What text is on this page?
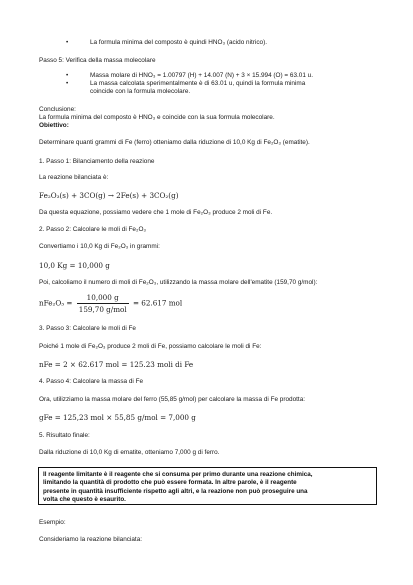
•	La formula minima del composto è quindi HNO₃ (acido nitrico).
Passo 5: Verifica della massa molecolare
•	Massa molare di HNO₃ = 1.00797 (H) + 14.007 (N) + 3 × 15.994 (O) = 63.01 u.
•	La massa calcolata sperimentalmente è di 63.01 u, quindi la formula minima
coincide con la formula molecolare.
Conclusione:
La formula minima del composto è HNO₃ e coincide con la sua formula molecolare.
Obiettivo:
Determinare quanti grammi di Fe (ferro) otteniamo dalla riduzione di 10,0 Kg di Fe₂O₃ (ematite).
1. Passo 1: Bilanciamento della reazione
La reazione bilanciata è:
Fe₂O₃(s) + 3CO(g) → 2Fe(s) + 3CO₂(g)
Da questa equazione, possiamo vedere che 1 mole di Fe₂O₃ produce 2 moli di Fe.
2. Passo 2: Calcolare le moli di Fe₂O₃
Convertiamo i 10,0 Kg di Fe₂O₃ in grammi:
10,0 Kg = 10,000 g
Poi, calcoliamo il numero di moli di Fe₂O₃, utilizzando la massa molare dell'ematite (159,70 g/mol):
$nFe_2O_3 = \frac{10,000 g}{\text{159,70 g/mol}} = 62.617$ mol
3. Passo 3: Calcolare le moli di Fe
Poiché 1 mole di Fe₂O₃ produce 2 moli di Fe, possiamo calcolare le moli di Fe:
nFe = 2 × 62.617 mol = 125.23 moli di Fe
4. Passo 4: Calcolare la massa di Fe
Ora, utilizziamo la massa molare del ferro (55,85 g/mol) per calcolare la massa di Fe prodotta:
gFe = 125,23 mol × 55,85 g/mol = 7,000 g
5. Risultato finale:
Dalla riduzione di 10,0 Kg di ematite, otteniamo 7,000 g di ferro.
Il reagente limitante è il reagente che si consuma per primo durante una reazione chimica,
limitando la quantità di prodotto che può essere formata. In altre parole, è il reagente
presente in quantità insufficiente rispetto agli altri, e la reazione non può proseguire una
volta che questo è esaurito.
Esempio:
Consideriamo la reazione bilanciata:
